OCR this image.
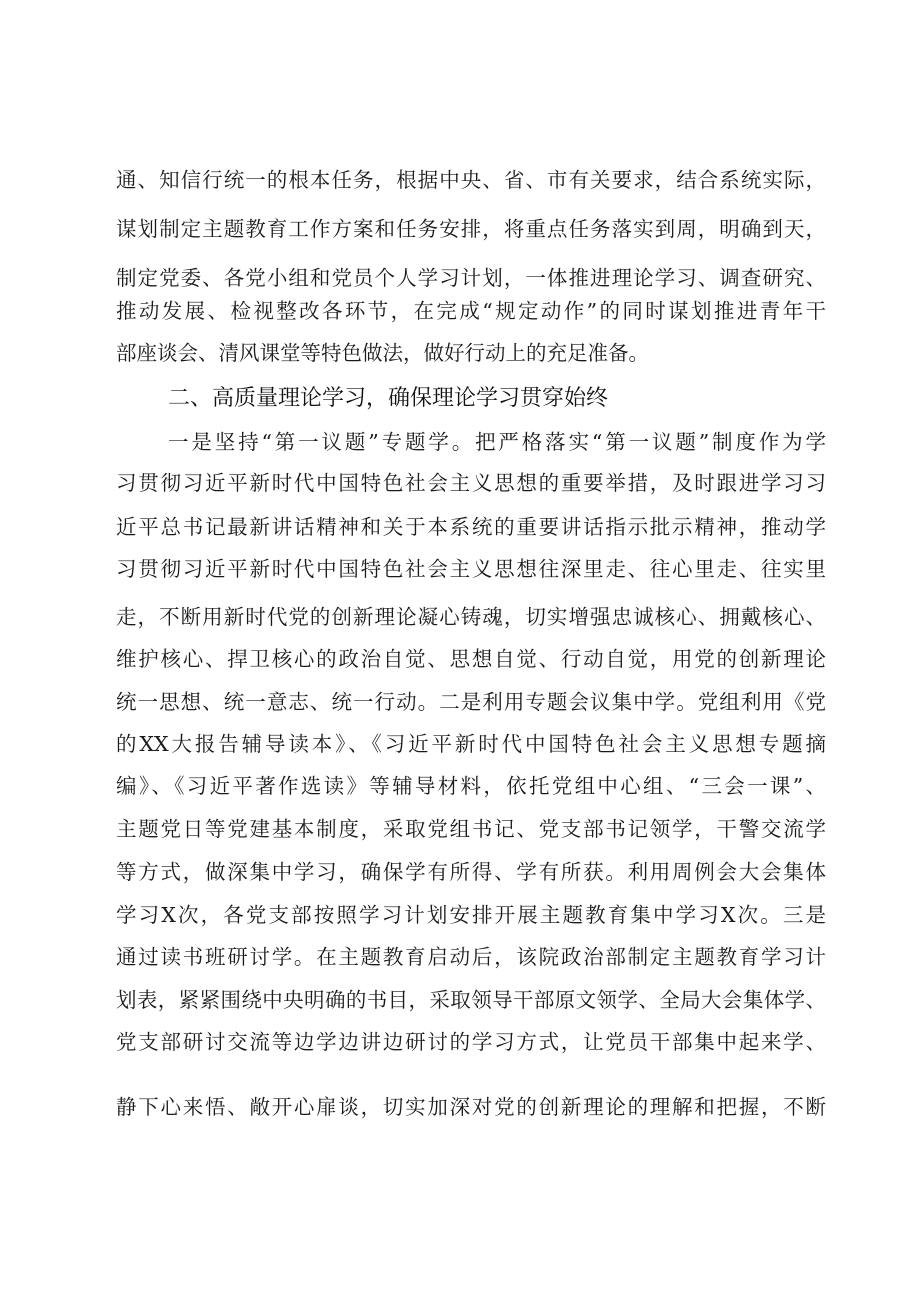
通、知信行统一的根本任务，根据中央、省、市有关要求，结合系统实际，
谋划制定主题教育工作方案和任务安排，将重点任务落实到周，明确到天，
制定党委、各党小组和党员个人学习计划，一体推进理论学习、调查研究、
推动发展、检视整改各环节，在完成“规定动作”的同时谋划推进青年干
部座谈会、清风课堂等特色做法，做好行动上的充足准备。
二、高质量理论学习，确保理论学习贯穿始终
一是坚持“第一议题”专题学。把严格落实“第一议题”制度作为学
习贯彻习近平新时代中国特色社会主义思想的重要举措，及时跟进学习习
近平总书记最新讲话精神和关于本系统的重要讲话指示批示精神，推动学
习贯彻习近平新时代中国特色社会主义思想往深里走、往心里走、往实里
走，不断用新时代党的创新理论凝心铸魂，切实增强忠诚核心、拥戴核心、
维护核心、捍卫核心的政治自觉、思想自觉、行动自觉，用党的创新理论
统一思想、统一意志、统一行动。二是利用专题会议集中学。党组利用《党
的XX大报告辅导读本》、《习近平新时代中国特色社会主义思想专题摘
编》、《习近平著作选读》等辅导材料，依托党组中心组、“三会一课”、
主题党日等党建基本制度，采取党组书记、党支部书记领学，干警交流学
等方式，做深集中学习，确保学有所得、学有所获。利用周例会大会集体
学习X次，各党支部按照学习计划安排开展主题教育集中学习X次。三是
通过读书班研讨学。在主题教育启动后，该院政治部制定主题教育学习计
划表，紧紧围绕中央明确的书目，采取领导干部原文领学、全局大会集体学、
党支部研讨交流等边学边讲边研讨的学习方式，让党员干部集中起来学、
静下心来悟、敞开心扉谈，切实加深对党的创新理论的理解和把握，不断
